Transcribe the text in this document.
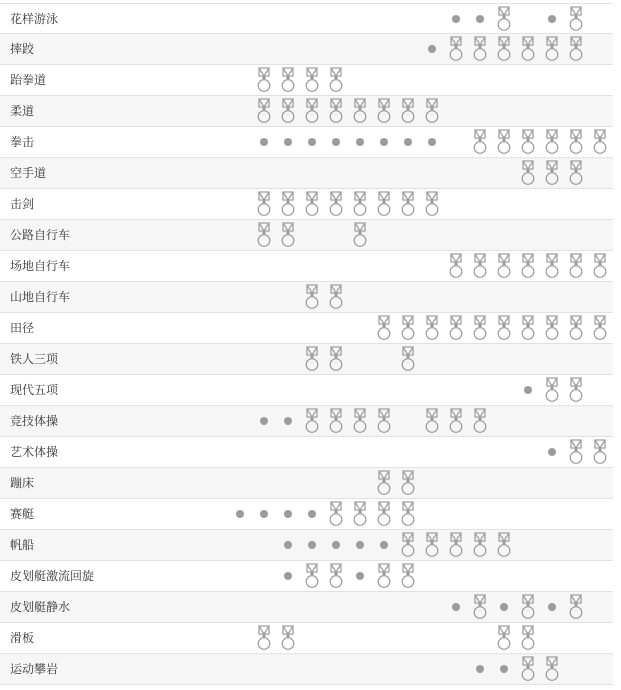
花样游泳
摔跤
跆拳道
柔道
拳击
空手道
击剑
公路自行车
场地自行车
山地自行车
田径
铁人三项
现代五项
竞技体操
艺术体操
蹦床
赛艇
帆船
皮划艇激流回旋
皮划艇静水
滑板
运动攀岩
